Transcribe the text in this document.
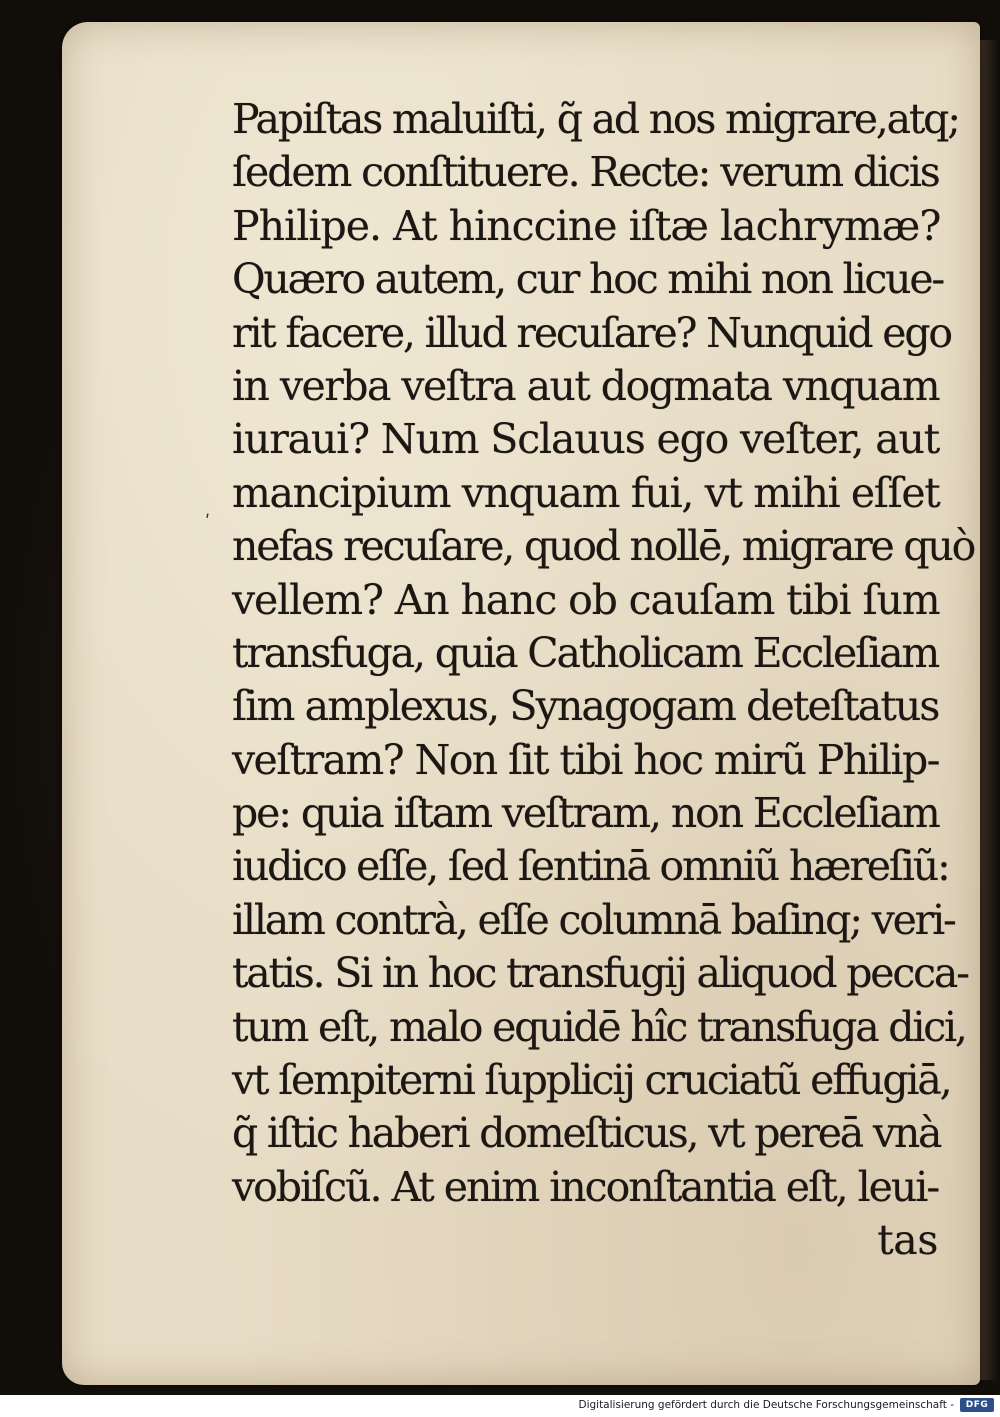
ʹ
Papiſtas maluiſti, q̃ ad nos migrare,atq;
ſedem conſtituere. Recte: verum dicis
Philipe. At hinccine iſtæ lachrymæ?
Quæro autem, cur hoc mihi non licue-
rit facere, illud recuſare? Nunquid ego
in verba veſtra aut dogmata vnquam
iuraui? Num Sclauus ego veſter, aut
mancipium vnquam fui, vt mihi eſſet
nefas recuſare, quod nollē, migrare quò
vellem? An hanc ob cauſam tibi ſum
transfuga, quia Catholicam Eccleſiam
ſim amplexus, Synagogam deteſtatus
veſtram? Non ſit tibi hoc mirũ Philip-
pe: quia iſtam veſtram, non Eccleſiam
iudico eſſe, ſed ſentinā omniũ hæreſiũ:
illam contrà, eſſe columnā baſinq; veri-
tatis. Si in hoc transfugij aliquod pecca-
tum eſt, malo equidē hîc transfuga dici,
vt ſempiterni ſupplicij cruciatũ effugiā,
q̃ iſtic haberi domeſticus, vt pereā vnà
vobiſcũ. At enim inconſtantia eſt, leui-
tas
Digitalisierung gefördert durch die Deutsche Forschungsgemeinschaft -	DFG
